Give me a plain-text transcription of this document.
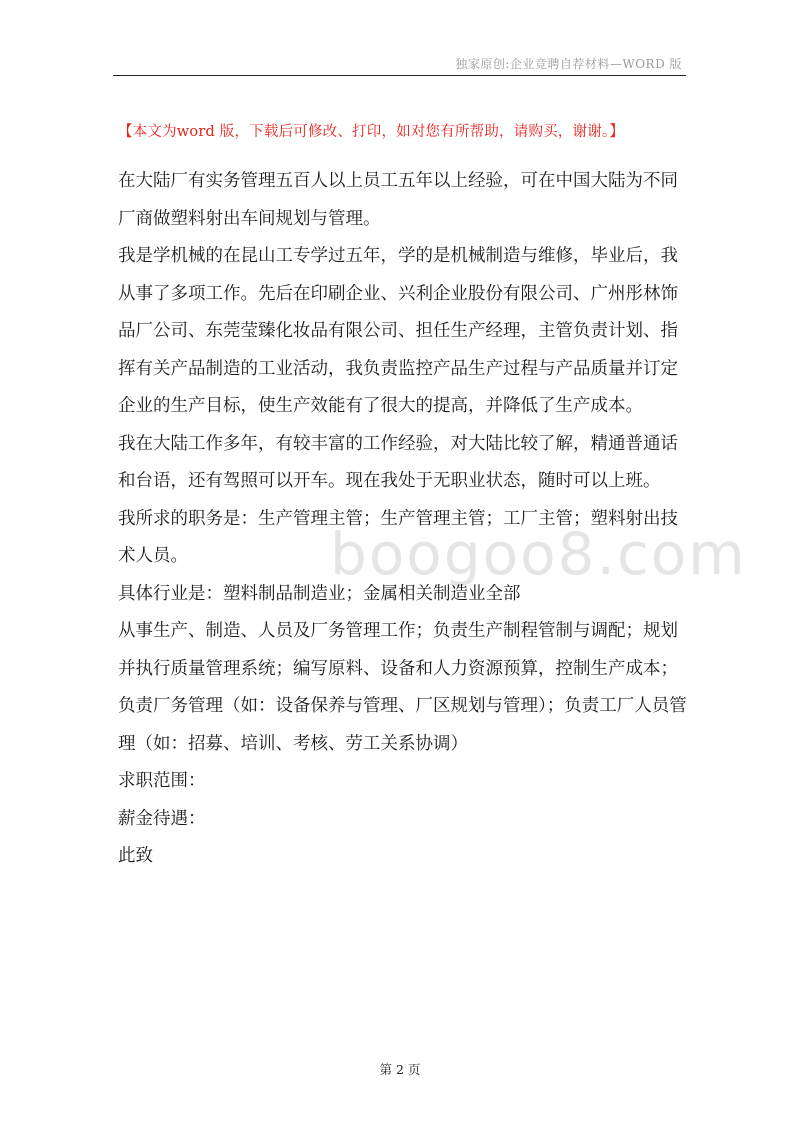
独家原创:企业竞聘自荐材料—WORD 版
【本文为word 版，下载后可修改、打印，如对您有所帮助，请购买，谢谢。】
boogoo8.com

在大陆厂有实务管理五百人以上员工五年以上经验，可在中国大陆为不同厂商做塑料射出车间规划与管理。

我是学机械的在昆山工专学过五年，学的是机械制造与维修，毕业后，我从事了多项工作。先后在印刷企业、兴利企业股份有限公司、广州彤林饰品厂公司、东莞莹臻化妆品有限公司、担任生产经理，主管负责计划、指挥有关产品制造的工业活动，我负责监控产品生产过程与产品质量并订定企业的生产目标，使生产效能有了很大的提高，并降低了生产成本。

我在大陆工作多年，有较丰富的工作经验，对大陆比较了解，精通普通话和台语，还有驾照可以开车。现在我处于无职业状态，随时可以上班。

我所求的职务是：生产管理主管；生产管理主管；工厂主管；塑料射出技术人员。

具体行业是：塑料制品制造业；金属相关制造业全部

从事生产、制造、人员及厂务管理工作；负责生产制程管制与调配；规划并执行质量管理系统；编写原料、设备和人力资源预算，控制生产成本；负责厂务管理（如：设备保养与管理、厂区规划与管理）；负责工厂人员管理（如：招募、培训、考核、劳工关系协调）

求职范围：

薪金待遇：

此致

第 2 页
